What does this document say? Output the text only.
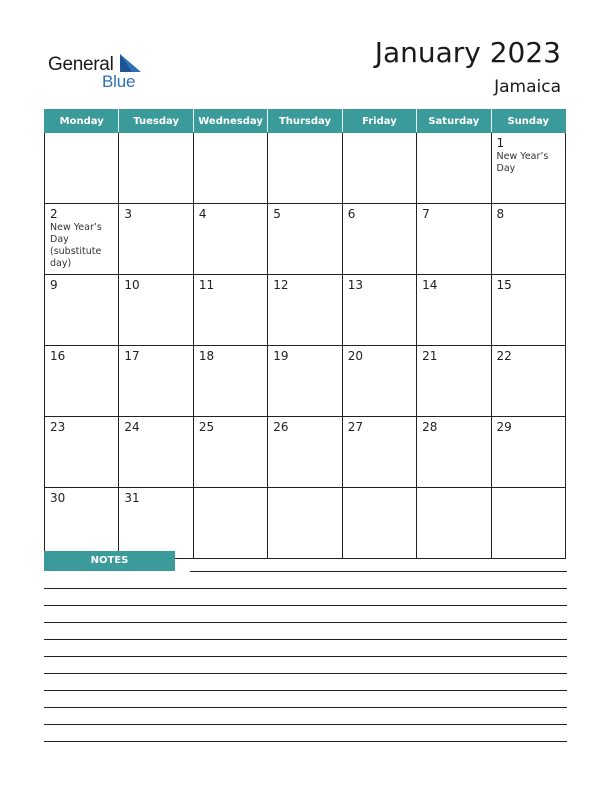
General
Blue
January 2023
Jamaica
Monday	Tuesday	Wednesday	Thursday	Friday	Saturday	Sunday

						1
New Year’s Day

2
New Year’s Day (substitute day)	3	4	5	6	7	8

9	10	11	12	13	14	15

16	17	18	19	20	21	22

23	24	25	26	27	28	29

30	31					

NOTES
